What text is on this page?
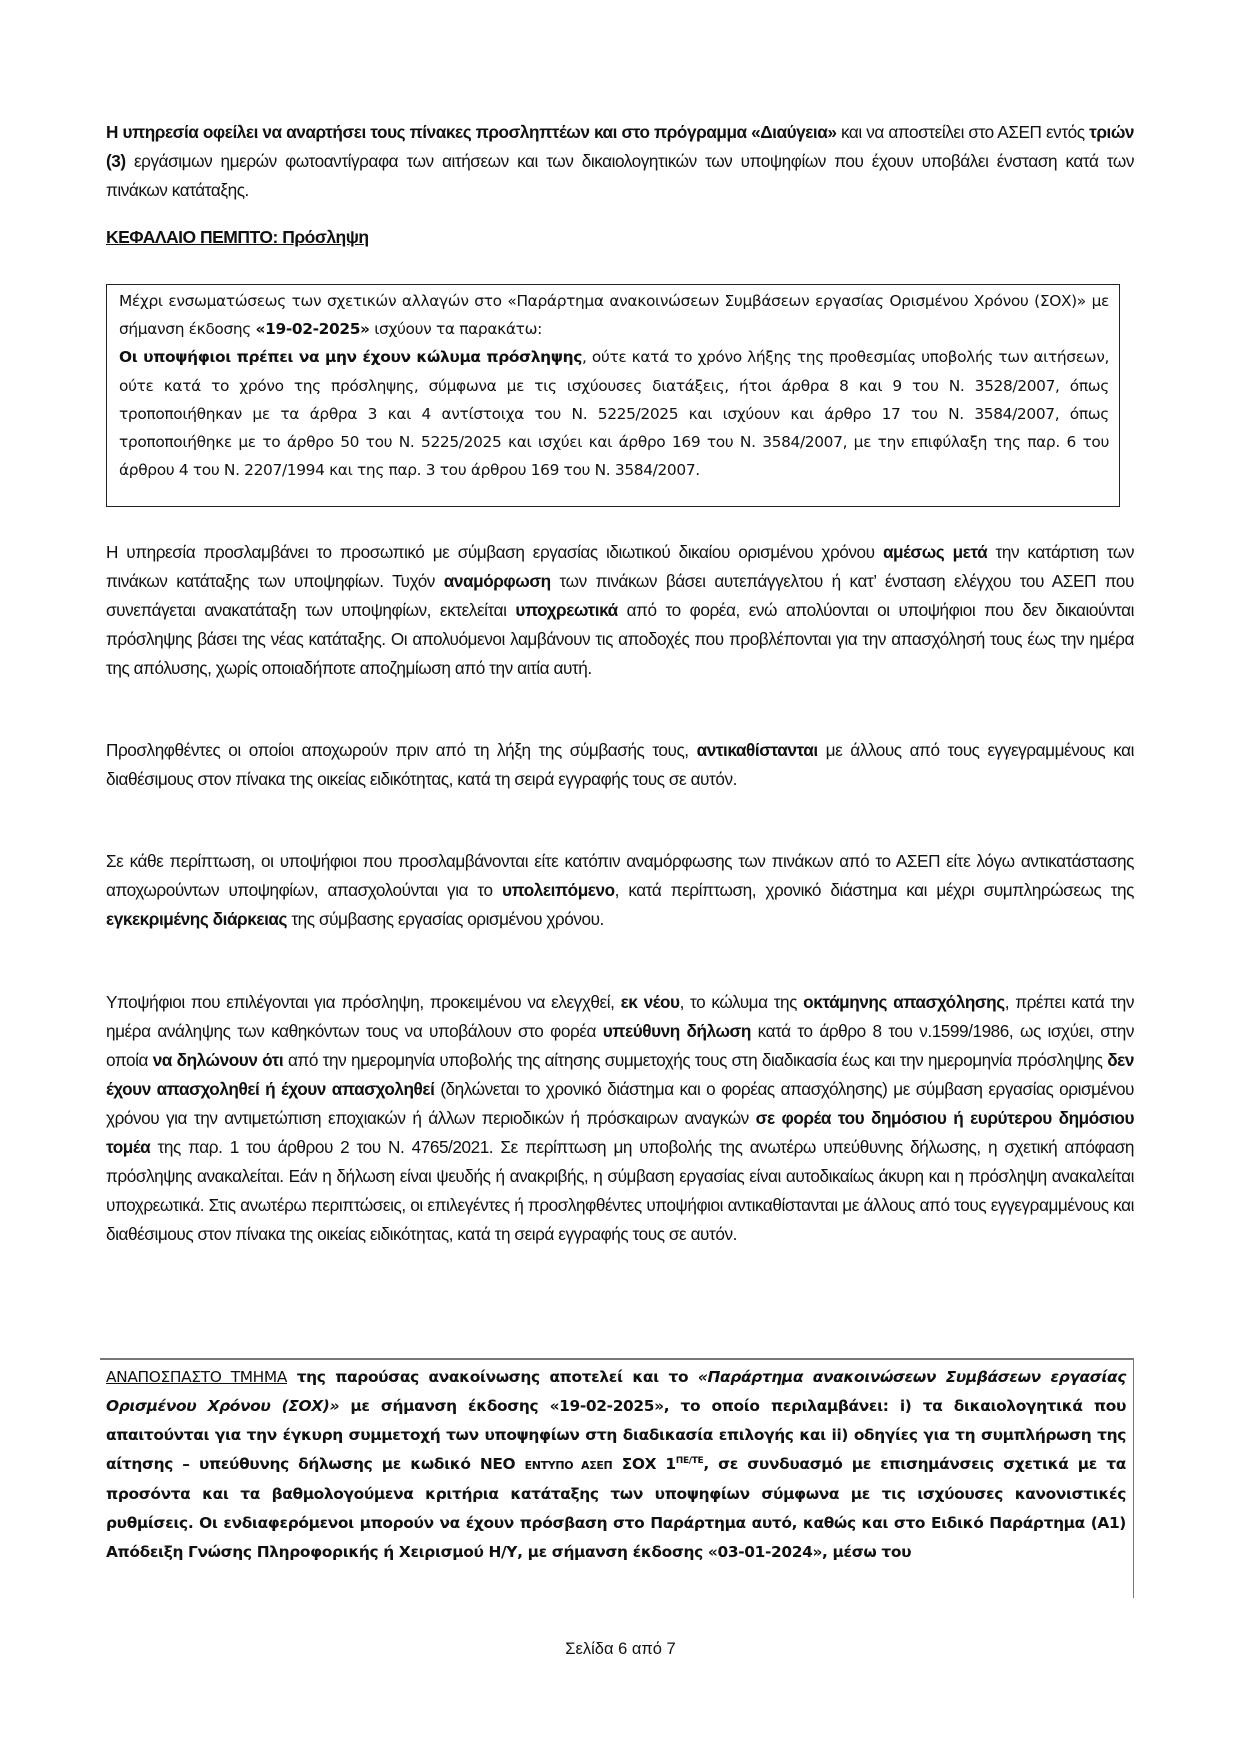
Η υπηρεσία οφείλει να αναρτήσει τους πίνακες προσληπτέων και στο πρόγραμμα «Διαύγεια» και να αποστείλει στο ΑΣΕΠ εντός τριών (3) εργάσιμων ημερών φωτοαντίγραφα των αιτήσεων και των δικαιολογητικών των υποψηφίων που έχουν υποβάλει ένσταση κατά των πινάκων κατάταξης.
ΚΕΦΑΛΑΙΟ ΠΕΜΠΤΟ: Πρόσληψη
Μέχρι ενσωματώσεως των σχετικών αλλαγών στο «Παράρτημα ανακοινώσεων Συμβάσεων εργασίας Ορισμένου Χρόνου (ΣΟΧ)» με σήμανση έκδοσης «19-02-2025» ισχύουν τα παρακάτω:
Οι υποψήφιοι πρέπει να μην έχουν κώλυμα πρόσληψης, ούτε κατά το χρόνο λήξης της προθεσμίας υποβολής των αιτήσεων, ούτε κατά το χρόνο της πρόσληψης, σύμφωνα με τις ισχύουσες διατάξεις, ήτοι άρθρα 8 και 9 του Ν. 3528/2007, όπως τροποποιήθηκαν με τα άρθρα 3 και 4 αντίστοιχα του Ν. 5225/2025 και ισχύουν και άρθρο 17 του Ν. 3584/2007, όπως τροποποιήθηκε με το άρθρο 50 του Ν. 5225/2025 και ισχύει και άρθρο 169 του Ν. 3584/2007, με την επιφύλαξη της παρ. 6 του άρθρου 4 του Ν. 2207/1994 και της παρ. 3 του άρθρου 169 του Ν. 3584/2007.
Η υπηρεσία προσλαμβάνει το προσωπικό με σύμβαση εργασίας ιδιωτικού δικαίου ορισμένου χρόνου αμέσως μετά την κατάρτιση των πινάκων κατάταξης των υποψηφίων. Τυχόν αναμόρφωση των πινάκων βάσει αυτεπάγγελτου ή κατ’ ένσταση ελέγχου του ΑΣΕΠ που συνεπάγεται ανακατάταξη των υποψηφίων, εκτελείται υποχρεωτικά από το φορέα, ενώ απολύονται οι υποψήφιοι που δεν δικαιούνται πρόσληψης βάσει της νέας κατάταξης. Οι απολυόμενοι λαμβάνουν τις αποδοχές που προβλέπονται για την απασχόλησή τους έως την ημέρα της απόλυσης, χωρίς οποιαδήποτε αποζημίωση από την αιτία αυτή.
Προσληφθέντες οι οποίοι αποχωρούν πριν από τη λήξη της σύμβασής τους, αντικαθίστανται με άλλους από τους εγγεγραμμένους και διαθέσιμους στον πίνακα της οικείας ειδικότητας, κατά τη σειρά εγγραφής τους σε αυτόν.
Σε κάθε περίπτωση, οι υποψήφιοι που προσλαμβάνονται είτε κατόπιν αναμόρφωσης των πινάκων από το ΑΣΕΠ είτε λόγω αντικατάστασης αποχωρούντων υποψηφίων, απασχολούνται για το υπολειπόμενο, κατά περίπτωση, χρονικό διάστημα και μέχρι συμπληρώσεως της εγκεκριμένης διάρκειας της σύμβασης εργασίας ορισμένου χρόνου.
Υποψήφιοι που επιλέγονται για πρόσληψη, προκειμένου να ελεγχθεί, εκ νέου, το κώλυμα της οκτάμηνης απασχόλησης, πρέπει κατά την ημέρα ανάληψης των καθηκόντων τους να υποβάλουν στο φορέα υπεύθυνη δήλωση κατά το άρθρο 8 του ν.1599/1986, ως ισχύει, στην οποία να δηλώνουν ότι από την ημερομηνία υποβολής της αίτησης συμμετοχής τους στη διαδικασία έως και την ημερομηνία πρόσληψης δεν έχουν απασχοληθεί ή έχουν απασχοληθεί (δηλώνεται το χρονικό διάστημα και ο φορέας απασχόλησης) με σύμβαση εργασίας ορισμένου χρόνου για την αντιμετώπιση εποχιακών ή άλλων περιοδικών ή πρόσκαιρων αναγκών σε φορέα του δημόσιου ή ευρύτερου δημόσιου τομέα της παρ. 1 του άρθρου 2 του Ν. 4765/2021. Σε περίπτωση μη υποβολής της ανωτέρω υπεύθυνης δήλωσης, η σχετική απόφαση πρόσληψης ανακαλείται. Εάν η δήλωση είναι ψευδής ή ανακριβής, η σύμβαση εργασίας είναι αυτοδικαίως άκυρη και η πρόσληψη ανακαλείται υποχρεωτικά. Στις ανωτέρω περιπτώσεις, οι επιλεγέντες ή προσληφθέντες υποψήφιοι αντικαθίστανται με άλλους από τους εγγεγραμμένους και διαθέσιμους στον πίνακα της οικείας ειδικότητας, κατά τη σειρά εγγραφής τους σε αυτόν.
ΑΝΑΠΟΣΠΑΣΤΟ ΤΜΗΜΑ της παρούσας ανακοίνωσης αποτελεί και το «Παράρτημα ανακοινώσεων Συμβάσεων εργασίας Ορισμένου Χρόνου (ΣΟΧ)» με σήμανση έκδοσης «19-02-2025», το οποίο περιλαμβάνει: i) τα δικαιολογητικά που απαιτούνται για την έγκυρη συμμετοχή των υποψηφίων στη διαδικασία επιλογής και ii) οδηγίες για τη συμπλήρωση της αίτησης – υπεύθυνης δήλωσης με κωδικό ΝΕΟ ΕΝΤΥΠΟ ΑΣΕΠ ΣΟΧ $1^{\Pi E/TE}$, σε συνδυασμό με επισημάνσεις σχετικά με τα προσόντα και τα βαθμολογούμενα κριτήρια κατάταξης των υποψηφίων σύμφωνα με τις ισχύουσες κανονιστικές ρυθμίσεις. Οι ενδιαφερόμενοι μπορούν να έχουν πρόσβαση στο Παράρτημα αυτό, καθώς και στο Ειδικό Παράρτημα (Α1) Απόδειξη Γνώσης Πληροφορικής ή Χειρισμού Η/Υ, με σήμανση έκδοσης «03-01-2024», μέσω του
Σελίδα 6 από 7
